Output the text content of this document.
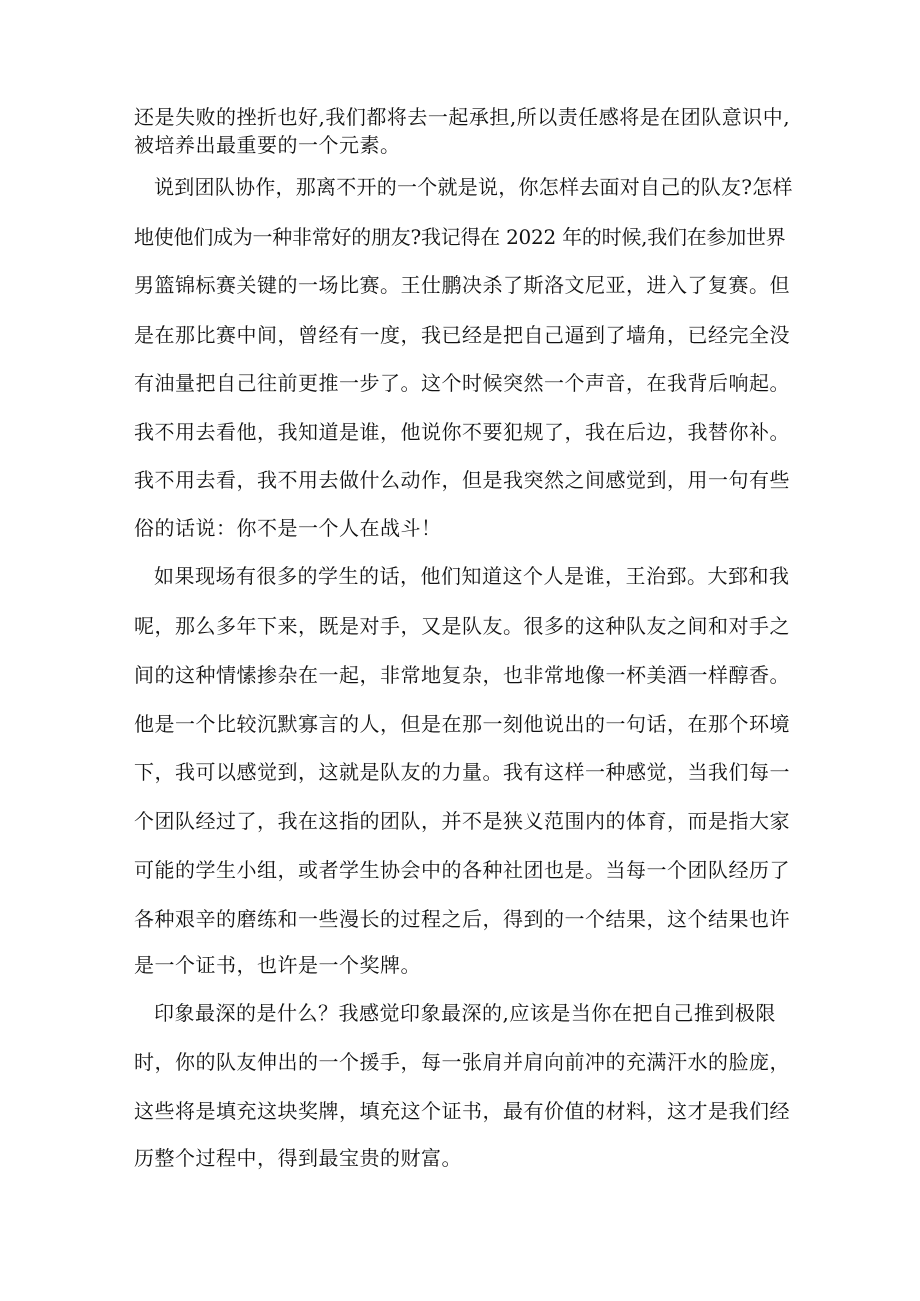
还是失败的挫折也好,我们都将去一起承担,所以责任感将是在团队意识中,
被培养出最重要的一个元素。
说到团队协作，那离不开的一个就是说，你怎样去面对自己的队友?怎样
地使他们成为一种非常好的朋友?我记得在 2022 年的时候,我们在参加世界
男篮锦标赛关键的一场比赛。王仕鹏决杀了斯洛文尼亚，进入了复赛。但
是在那比赛中间，曾经有一度，我已经是把自己逼到了墙角，已经完全没
有油量把自己往前更推一步了。这个时候突然一个声音，在我背后响起。
我不用去看他，我知道是谁，他说你不要犯规了，我在后边，我替你补。
我不用去看，我不用去做什么动作，但是我突然之间感觉到，用一句有些
俗的话说：你不是一个人在战斗！
如果现场有很多的学生的话，他们知道这个人是谁，王治郅。大郅和我
呢，那么多年下来，既是对手，又是队友。很多的这种队友之间和对手之
间的这种情愫掺杂在一起，非常地复杂，也非常地像一杯美酒一样醇香。
他是一个比较沉默寡言的人，但是在那一刻他说出的一句话，在那个环境
下，我可以感觉到，这就是队友的力量。我有这样一种感觉，当我们每一
个团队经过了，我在这指的团队，并不是狭义范围内的体育，而是指大家
可能的学生小组，或者学生协会中的各种社团也是。当每一个团队经历了
各种艰辛的磨练和一些漫长的过程之后，得到的一个结果，这个结果也许
是一个证书，也许是一个奖牌。
印象最深的是什么？我感觉印象最深的,应该是当你在把自己推到极限
时，你的队友伸出的一个援手，每一张肩并肩向前冲的充满汗水的脸庞，
这些将是填充这块奖牌，填充这个证书，最有价值的材料，这才是我们经
历整个过程中，得到最宝贵的财富。
